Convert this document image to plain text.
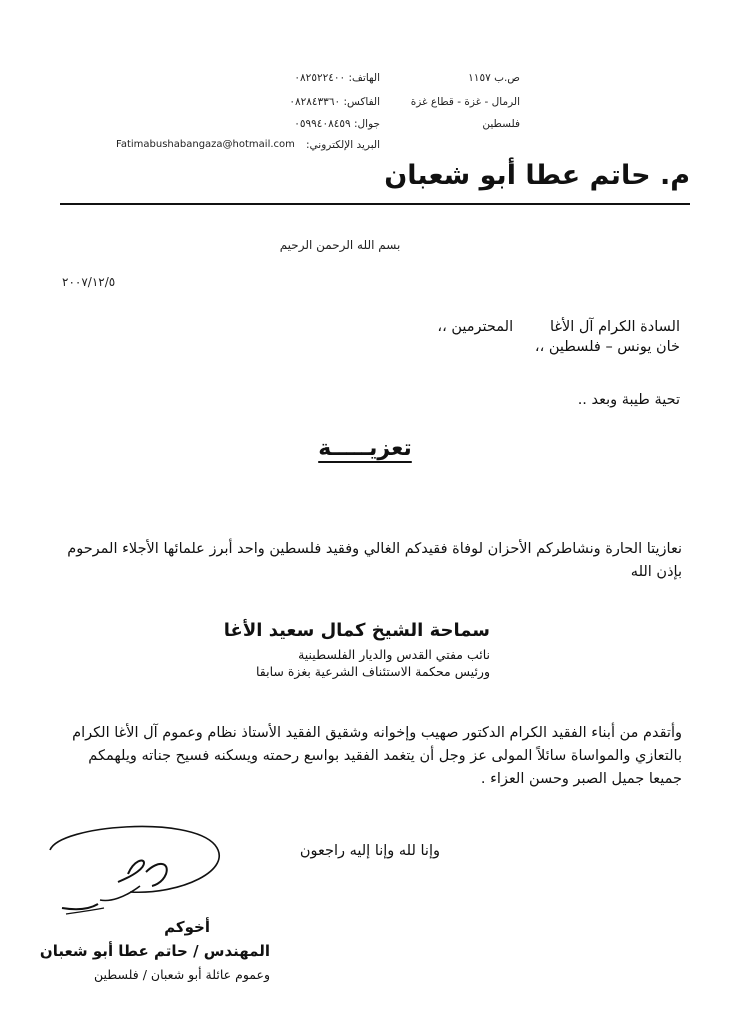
ص.ب ١١٥٧
الهاتف: ٠٨٢٥٢٢٤٠٠
الرمال - غزة - قطاع غزة
الفاكس: ٠٨٢٨٤٣٣٦٠
فلسطين
جوال: ٠٥٩٩٤٠٨٤٥٩
البريد الإلكتروني:
Fatimabushabangaza@hotmail.com
م. حاتم عطا أبو شعبان
بسم الله الرحمن الرحيم
٢٠٠٧/١٢/٥
السادة الكرام آل الأغا        المحترمين ،،
خان يونس – فلسطين ،،
تحية طيبة وبعد ..
تعزيـــــة
نعازيتا الحارة ونشاطركم الأحزان لوفاة فقيدكم الغالي وفقيد فلسطين واحد أبرز علمائها الأجلاء المرحوم بإذن الله
سماحة الشيخ كمال سعيد الأغا
نائب مفتي القدس والديار الفلسطينية
ورئيس محكمة الاستئناف الشرعية بغزة سابقا
وأتقدم من أبناء الفقيد الكرام الدكتور صهيب وإخوانه وشقيق الفقيد الأستاذ نظام وعموم آل الأغا الكرام بالتعازي والمواساة سائلاً المولى عز وجل أن يتغمد الفقيد بواسع رحمته ويسكنه فسيح جناته ويلهمكم جميعا جميل الصبر وحسن العزاء .
وإنا لله وإنا إليه راجعون
أخوكم
المهندس / حاتم عطا أبو شعبان
وعموم عائلة أبو شعبان / فلسطين
